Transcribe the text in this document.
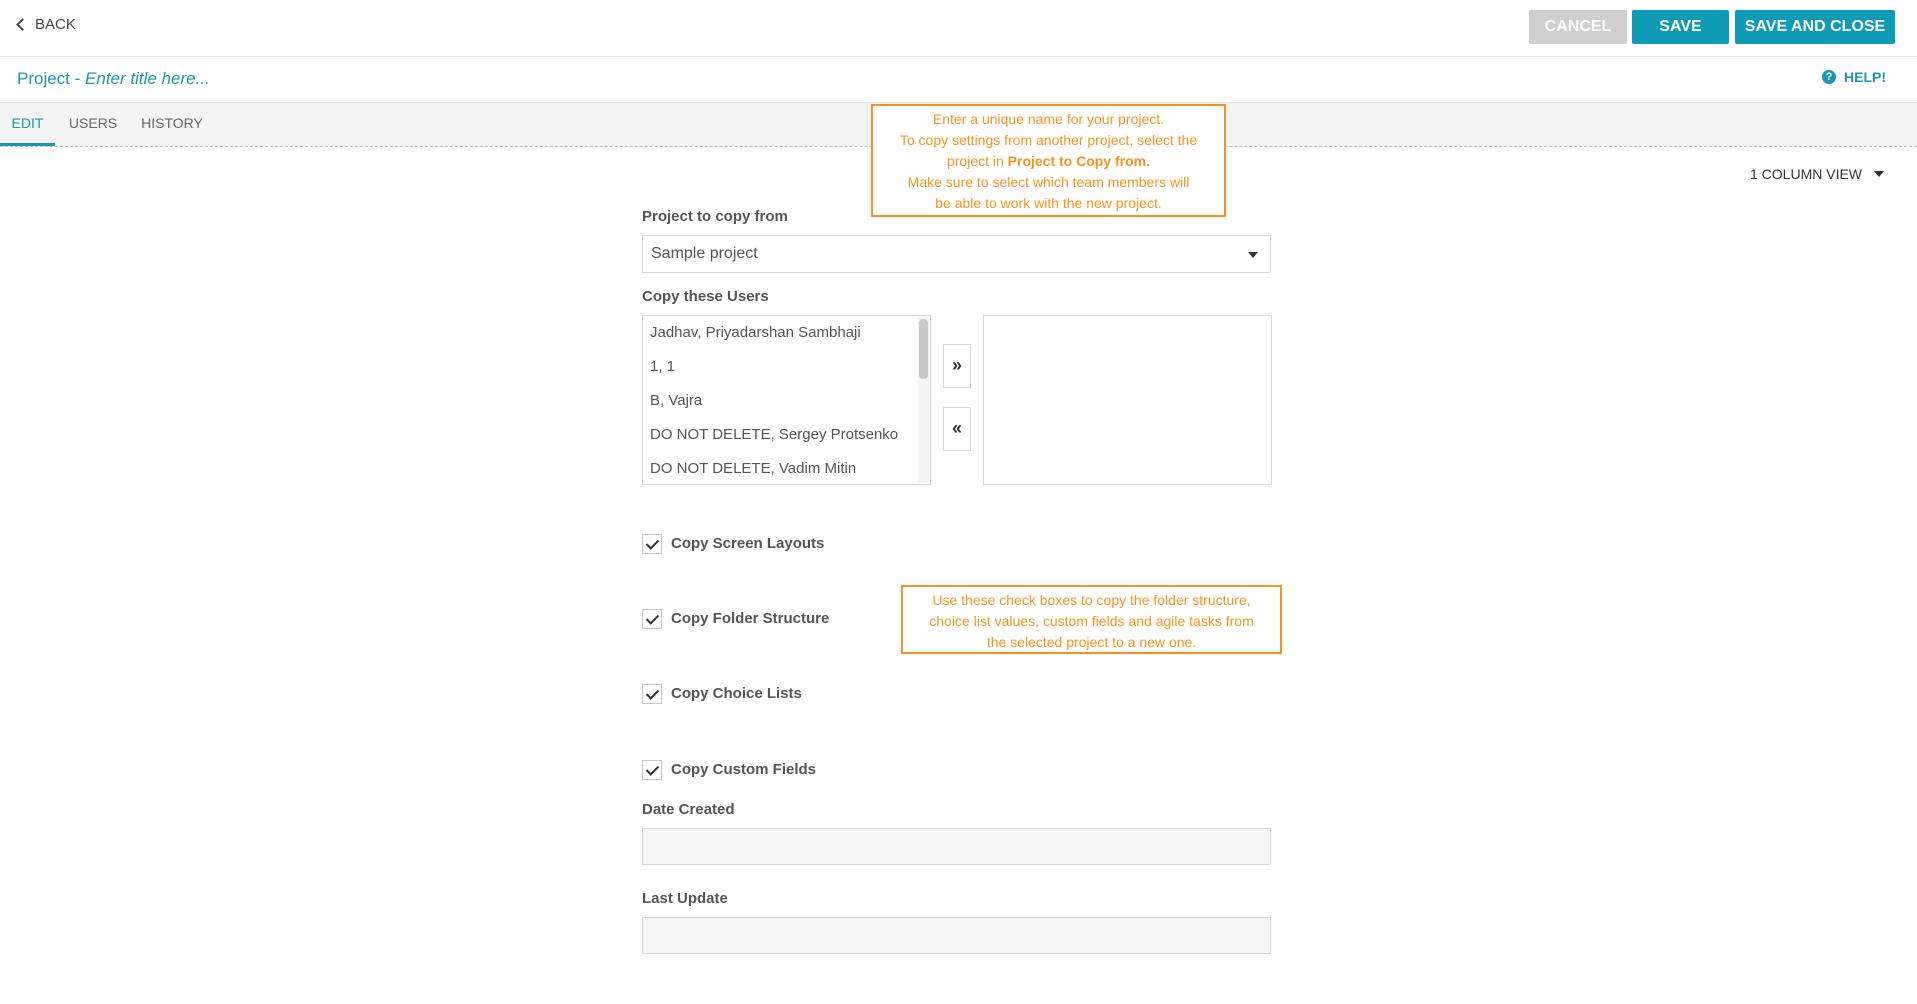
BACK	CANCEL	SAVE	SAVE AND CLOSE
Project - Enter title here...	? HELP!
EDIT	USERS	HISTORY
1 COLUMN VIEW
Project to copy from
Sample project
Copy these Users
Jadhav, Priyadarshan Sambhaji
1, 1
B, Vajra
DO NOT DELETE, Sergey Protsenko
DO NOT DELETE, Vadim Mitin
»
«
Copy Screen Layouts
Copy Folder Structure
Copy Choice Lists
Copy Custom Fields
Date Created
Last Update
Enter a unique name for your project.
To copy settings from another project, select the
project in Project to Copy from.
Make sure to select which team members will
be able to work with the new project.
Use these check boxes to copy the folder structure,
choice list values, custom fields and agile tasks from
the selected project to a new one.
